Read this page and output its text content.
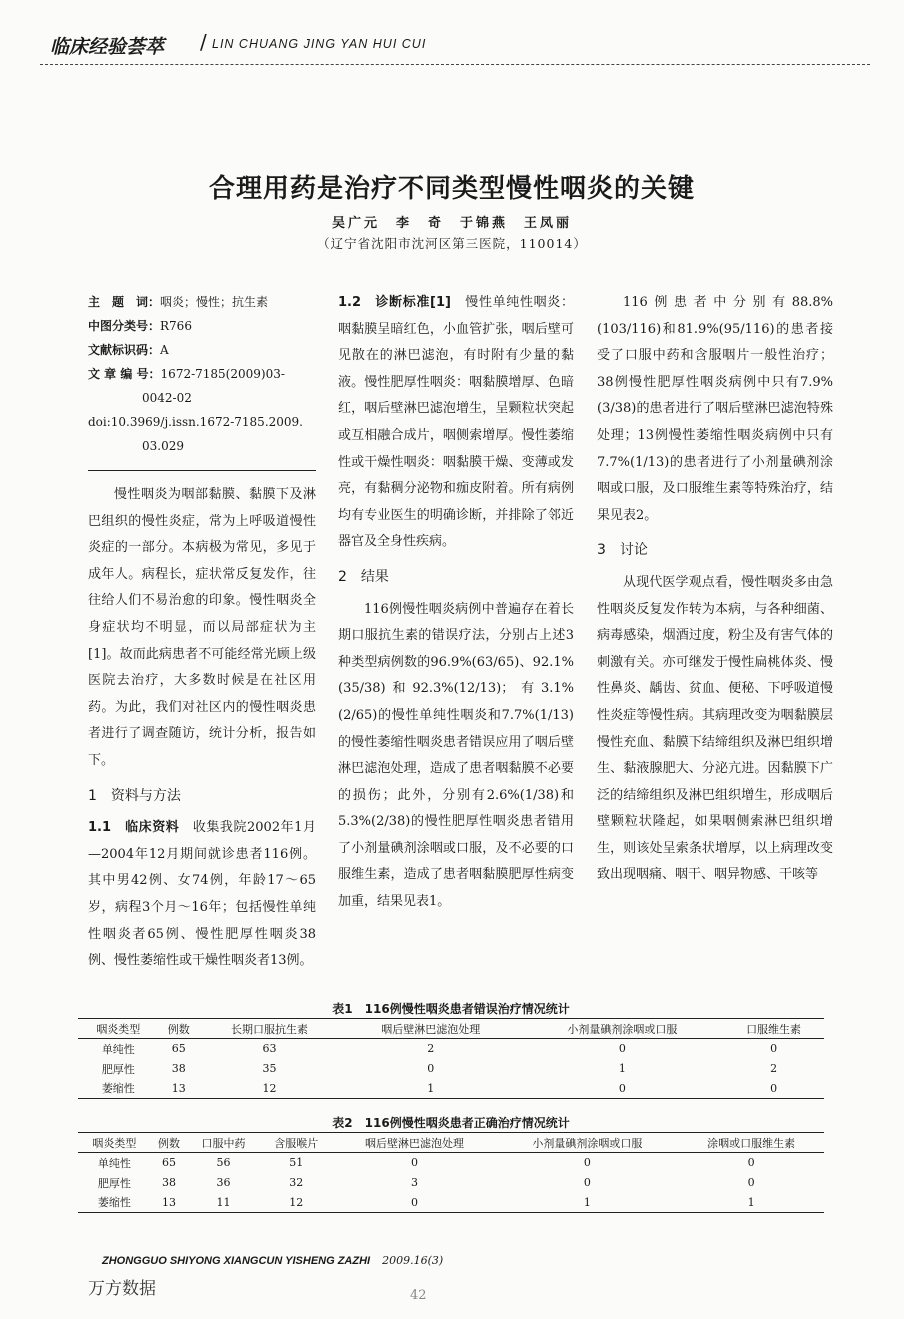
临床经验荟萃 / LIN CHUANG JING YAN HUI CUI
合理用药是治疗不同类型慢性咽炎的关键
吴广元　李　奇　于锦燕　王凤丽
（辽宁省沈阳市沈河区第三医院，110014）
主　题　词：咽炎；慢性；抗生素
中图分类号：R766
文献标识码：A
文 章 编 号：1672-7185(2009)03-
0042-02
doi:10.3969/j.issn.1672-7185.2009.
03.029

慢性咽炎为咽部黏膜、黏膜下及淋巴组织的慢性炎症，常为上呼吸道慢性炎症的一部分。本病极为常见，多见于成年人。病程长，症状常反复发作，往往给人们不易治愈的印象。慢性咽炎全身症状均不明显，而以局部症状为主[1]。故而此病患者不可能经常光顾上级医院去治疗，大多数时候是在社区用药。为此，我们对社区内的慢性咽炎患者进行了调查随访，统计分析，报告如下。

1　资料与方法

1.1　临床资料　收集我院2002年1月—2004年12月期间就诊患者116例。其中男42例、女74例，年龄17～65岁，病程3个月～16年；包括慢性单纯性咽炎者65例、慢性肥厚性咽炎38例、慢性萎缩性或干燥性咽炎者13例。

1.2　诊断标准[1]　慢性单纯性咽炎：咽黏膜呈暗红色，小血管扩张，咽后壁可见散在的淋巴滤泡，有时附有少量的黏液。慢性肥厚性咽炎：咽黏膜增厚、色暗红，咽后壁淋巴滤泡增生，呈颗粒状突起或互相融合成片，咽侧索增厚。慢性萎缩性或干燥性咽炎：咽黏膜干燥、变薄或发亮，有黏稠分泌物和痂皮附着。所有病例均有专业医生的明确诊断，并排除了邻近器官及全身性疾病。

2　结果

116例慢性咽炎病例中普遍存在着长期口服抗生素的错误疗法，分别占上述3种类型病例数的96.9%(63/65)、92.1%(35/38)和92.3%(12/13)；有3.1%(2/65)的慢性单纯性咽炎和7.7%(1/13)的慢性萎缩性咽炎患者错误应用了咽后壁淋巴滤泡处理，造成了患者咽黏膜不必要的损伤；此外，分别有2.6%(1/38)和5.3%(2/38)的慢性肥厚性咽炎患者错用了小剂量碘剂涂咽或口服，及不必要的口服维生素，造成了患者咽黏膜肥厚性病变加重，结果见表1。

116例患者中分别有88.8%(103/116)和81.9%(95/116)的患者接受了口服中药和含服咽片一般性治疗；38例慢性肥厚性咽炎病例中只有7.9%(3/38)的患者进行了咽后壁淋巴滤泡特殊处理；13例慢性萎缩性咽炎病例中只有7.7%(1/13)的患者进行了小剂量碘剂涂咽或口服，及口服维生素等特殊治疗，结果见表2。

3　讨论

从现代医学观点看，慢性咽炎多由急性咽炎反复发作转为本病，与各种细菌、病毒感染，烟酒过度，粉尘及有害气体的刺激有关。亦可继发于慢性扁桃体炎、慢性鼻炎、龋齿、贫血、便秘、下呼吸道慢性炎症等慢性病。其病理改变为咽黏膜层慢性充血、黏膜下结缔组织及淋巴组织增生、黏液腺肥大、分泌亢进。因黏膜下广泛的结缔组织及淋巴组织增生，形成咽后壁颗粒状隆起，如果咽侧索淋巴组织增生，则该处呈索条状增厚，以上病理改变致出现咽痛、咽干、咽异物感、干咳等

表1　116例慢性咽炎患者错误治疗情况统计
咽炎类型	例数	长期口服抗生素	咽后壁淋巴滤泡处理	小剂量碘剂涂咽或口服	口服维生素
单纯性	65	63	2	0	0
肥厚性	38	35	0	1	2
萎缩性	13	12	1	0	0
表2　116例慢性咽炎患者正确治疗情况统计
咽炎类型	例数	口服中药	含服喉片	咽后壁淋巴滤泡处理	小剂量碘剂涂咽或口服	涂咽或口服维生素
单纯性	65	56	51	0	0	0
肥厚性	38	36	32	3	0	0
萎缩性	13	11	12	0	1	1
ZHONGGUO SHIYONG XIANGCUN YISHENG ZAZHI 2009.16(3)
万方数据	42
